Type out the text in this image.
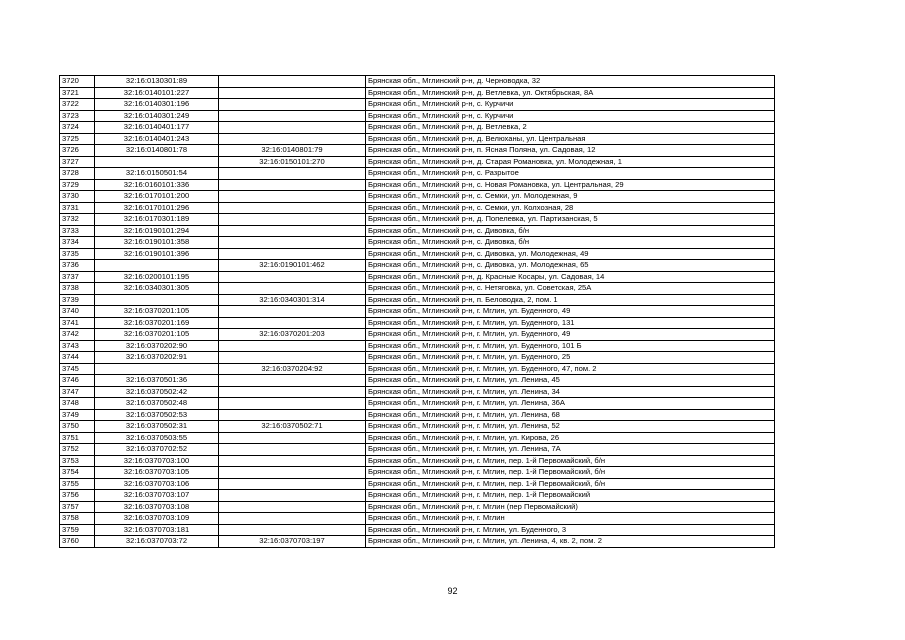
3720	32:16:0130301:89		Брянская обл., Мглинский р-н, д. Черноводка, 32
3721	32:16:0140101:227		Брянская обл., Мглинский р-н, д. Ветлевка, ул. Октябрьская, 8А
3722	32:16:0140301:196		Брянская обл., Мглинский р-н, с. Курчичи
3723	32:16:0140301:249		Брянская обл., Мглинский р-н, с. Курчичи
3724	32:16:0140401:177		Брянская обл., Мглинский р-н, д. Ветлевка, 2
3725	32:16:0140401:243		Брянская обл., Мглинский р-н, д. Велюханы, ул. Центральная
3726	32:16:0140801:78	32:16:0140801:79	Брянская обл., Мглинский р-н, п. Ясная Поляна, ул. Садовая, 12
3727		32:16:0150101:270	Брянская обл., Мглинский р-н, д. Старая Романовка, ул. Молодежная, 1
3728	32:16:0150501:54		Брянская обл., Мглинский р-н, с. Разрытое
3729	32:16:0160101:336		Брянская обл., Мглинский р-н, с. Новая Романовка, ул. Центральная, 29
3730	32:16:0170101:200		Брянская обл., Мглинский р-н, с. Семки, ул. Молодежная, 9
3731	32:16:0170101:296		Брянская обл., Мглинский р-н, с. Семки, ул. Колхозная, 28
3732	32:16:0170301:189		Брянская обл., Мглинский р-н, д. Попелевка, ул. Партизанская, 5
3733	32:16:0190101:294		Брянская обл., Мглинский р-н, с. Дивовка, б/н
3734	32:16:0190101:358		Брянская обл., Мглинский р-н, с. Дивовка, б/н
3735	32:16:0190101:396		Брянская обл., Мглинский р-н, с. Дивовка, ул. Молодежная, 49
3736		32:16:0190101:462	Брянская обл., Мглинский р-н, с. Дивовка, ул. Молодежная, 65
3737	32:16:0200101:195		Брянская обл., Мглинский р-н, д. Красные Косары, ул. Садовая, 14
3738	32:16:0340301:305		Брянская обл., Мглинский р-н, с. Нетяговка, ул. Советская, 25А
3739		32:16:0340301:314	Брянская обл., Мглинский р-н, п. Беловодка, 2, пом. 1
3740	32:16:0370201:105		Брянская обл., Мглинский р-н, г. Мглин, ул. Буденного, 49
3741	32:16:0370201:169		Брянская обл., Мглинский р-н, г. Мглин, ул. Буденного, 131
3742	32:16:0370201:105	32:16:0370201:203	Брянская обл., Мглинский р-н, г. Мглин, ул. Буденного, 49
3743	32:16:0370202:90		Брянская обл., Мглинский р-н, г. Мглин, ул. Буденного, 101 Б
3744	32:16:0370202:91		Брянская обл., Мглинский р-н, г. Мглин, ул. Буденного, 25
3745		32:16:0370204:92	Брянская обл., Мглинский р-н, г. Мглин, ул. Буденного, 47, пом. 2
3746	32:16:0370501:36		Брянская обл., Мглинский р-н, г. Мглин, ул. Ленина, 45
3747	32:16:0370502:42		Брянская обл., Мглинский р-н, г. Мглин, ул. Ленина, 34
3748	32:16:0370502:48		Брянская обл., Мглинский р-н, г. Мглин, ул. Ленина, 36А
3749	32:16:0370502:53		Брянская обл., Мглинский р-н, г. Мглин, ул. Ленина, 68
3750	32:16:0370502:31	32:16:0370502:71	Брянская обл., Мглинский р-н, г. Мглин, ул. Ленина, 52
3751	32:16:0370503:55		Брянская обл., Мглинский р-н, г. Мглин, ул. Кирова, 26
3752	32:16:0370702:52		Брянская обл., Мглинский р-н, г. Мглин, ул. Ленина, 7А
3753	32:16:0370703:100		Брянская обл., Мглинский р-н, г. Мглин, пер. 1-й Первомайский, б/н
3754	32:16:0370703:105		Брянская обл., Мглинский р-н, г. Мглин, пер. 1-й Первомайский, б/н
3755	32:16:0370703:106		Брянская обл., Мглинский р-н, г. Мглин, пер. 1-й Первомайский, б/н
3756	32:16:0370703:107		Брянская обл., Мглинский р-н, г. Мглин, пер. 1-й Первомайский
3757	32:16:0370703:108		Брянская обл., Мглинский р-н, г. Мглин (пер Первомайский)
3758	32:16:0370703:109		Брянская обл., Мглинский р-н, г. Мглин
3759	32:16:0370703:181		Брянская обл., Мглинский р-н, г. Мглин, ул. Буденного, 3
3760	32:16:0370703:72	32:16:0370703:197	Брянская обл., Мглинский р-н, г. Мглин, ул. Ленина, 4, кв. 2, пом. 2
92
